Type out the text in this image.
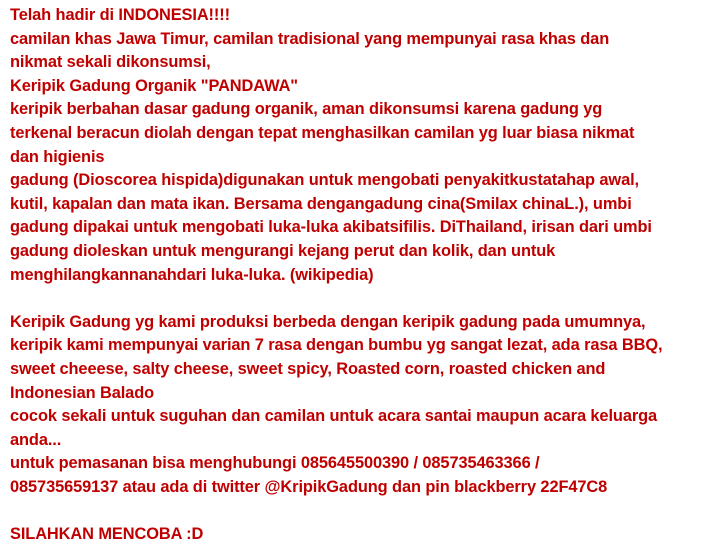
Telah hadir di INDONESIA!!!!
camilan khas Jawa Timur, camilan tradisional yang mempunyai rasa khas dan
nikmat sekali dikonsumsi,
Keripik Gadung Organik "PANDAWA"
keripik berbahan dasar gadung organik, aman dikonsumsi karena gadung yg
terkenal beracun diolah dengan tepat menghasilkan camilan yg luar biasa nikmat
dan higienis
gadung (Dioscorea hispida)digunakan untuk mengobati penyakitkustatahap awal,
kutil, kapalan dan mata ikan. Bersama dengangadung cina(Smilax chinaL.), umbi
gadung dipakai untuk mengobati luka-luka akibatsifilis. DiThailand, irisan dari umbi
gadung dioleskan untuk mengurangi kejang perut dan kolik, dan untuk
menghilangkannanahdari luka-luka. (wikipedia)
Keripik Gadung yg kami produksi berbeda dengan keripik gadung pada umumnya,
keripik kami mempunyai varian 7 rasa dengan bumbu yg sangat lezat, ada rasa BBQ,
sweet cheeese, salty cheese, sweet spicy, Roasted corn, roasted chicken and
Indonesian Balado
cocok sekali untuk suguhan dan camilan untuk acara santai maupun acara keluarga
anda...
untuk pemasanan bisa menghubungi 085645500390 / 085735463366 /
085735659137 atau ada di twitter @KripikGadung dan pin blackberry 22F47C8
SILAHKAN MENCOBA :D
